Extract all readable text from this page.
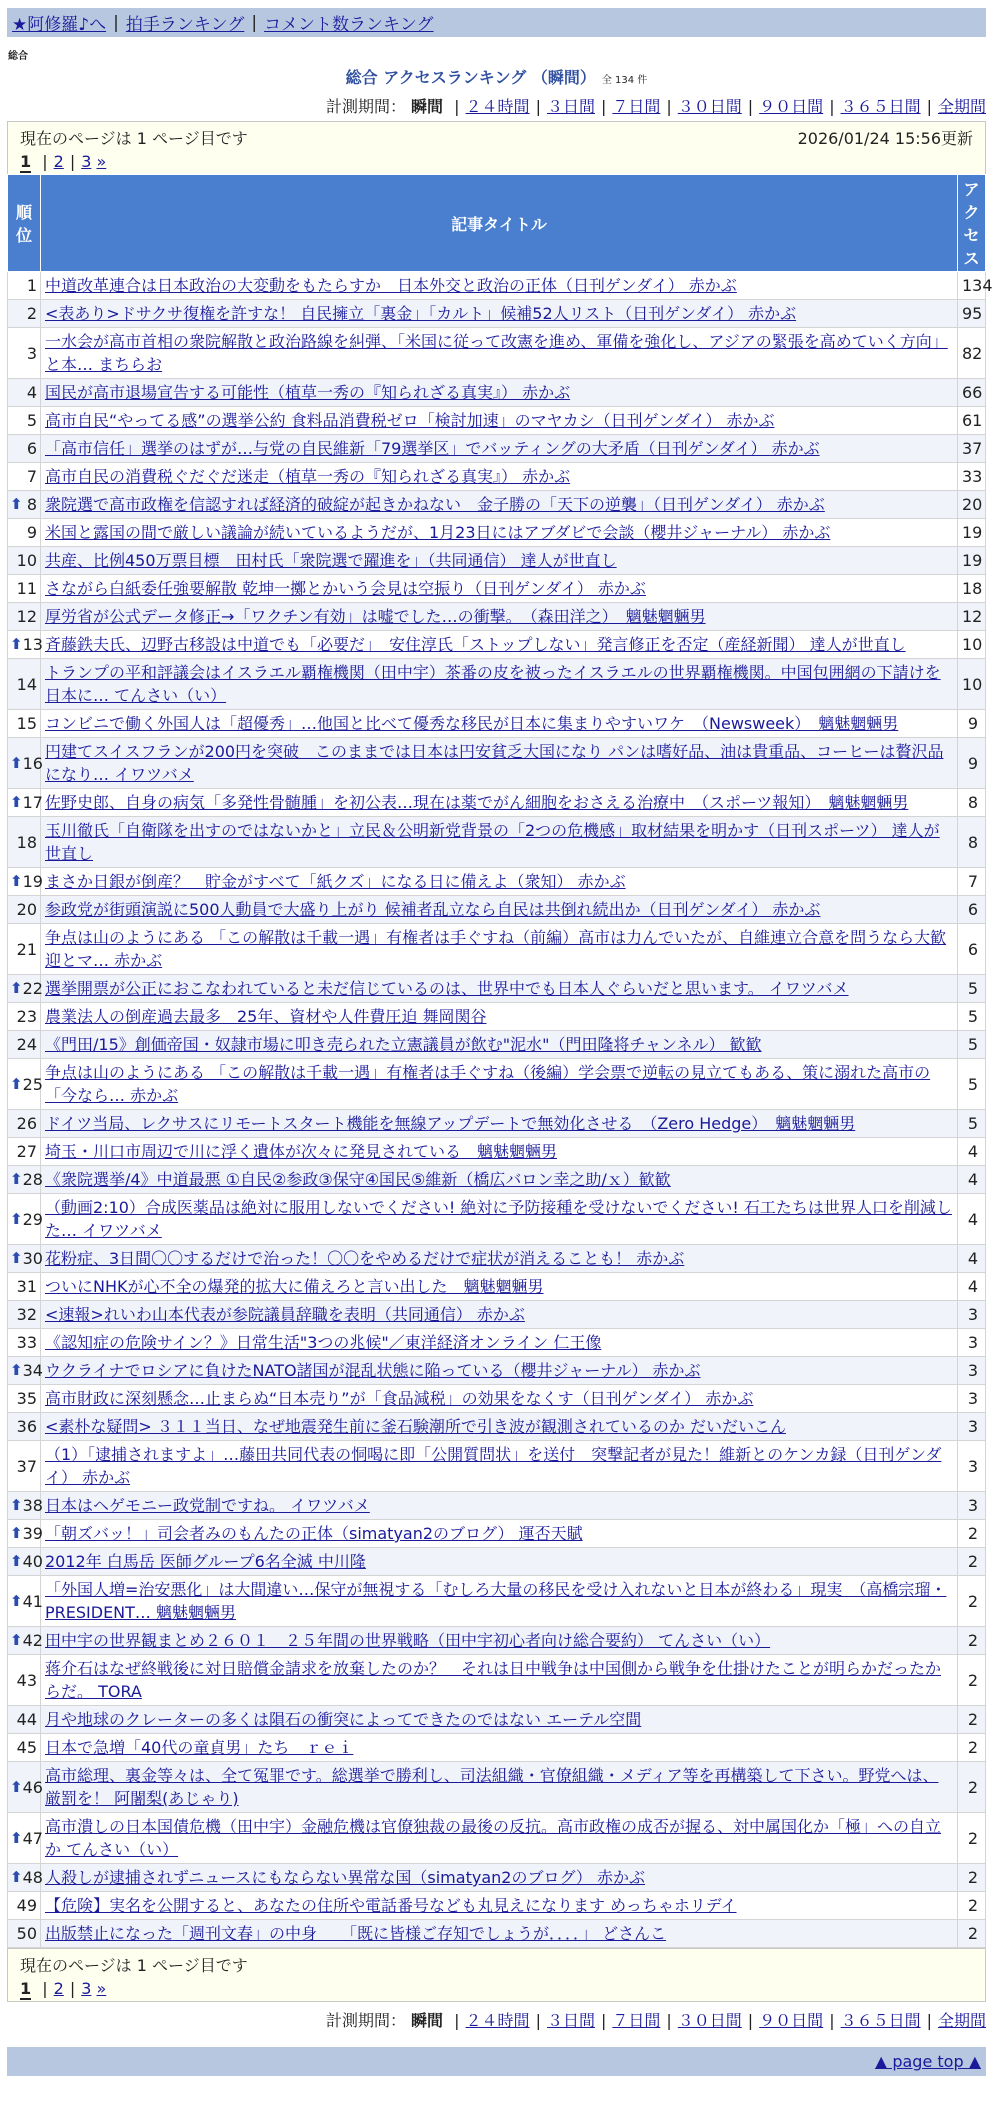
★阿修羅♪へ | 拍手ランキング | コメント数ランキング
総合
総合 アクセスランキング （瞬間） 全 134 件
計測期間： 瞬間 | ２４時間 | ３日間 | ７日間 | ３０日間 | ９０日間 | ３６５日間 | 全期間
現在のページは 1 ページ目です	2026/01/24 15:56更新
1 | 2 | 3 »
順位	記事タイトル	アクセス
1	中道改革連合は日本政治の大変動をもたらすか　日本外交と政治の正体（日刊ゲンダイ） 赤かぶ	134
2	<表あり>ドサクサ復権を許すな！ 自民擁立「裏金」「カルト」候補52人リスト（日刊ゲンダイ） 赤かぶ	95
3	一水会が高市首相の衆院解散と政治路線を糾弾、「米国に従って改憲を進め、軍備を強化し、アジアの緊張を高めていく方向」と本… まちらお	82
4	国民が高市退場宣告する可能性（植草一秀の『知られざる真実』） 赤かぶ	66
5	高市自民“やってる感”の選挙公約 食料品消費税ゼロ「検討加速」のマヤカシ（日刊ゲンダイ） 赤かぶ	61
6	「高市信任」選挙のはずが…与党の自民維新「79選挙区」でバッティングの大矛盾（日刊ゲンダイ） 赤かぶ	37
7	高市自民の消費税ぐだぐだ迷走（植草一秀の『知られざる真実』） 赤かぶ	33

⬆ 8	衆院選で高市政権を信認すれば経済的破綻が起きかねない　金子勝の「天下の逆襲」（日刊ゲンダイ） 赤かぶ	20
9	米国と露国の間で厳しい議論が続いているようだが、1月23日にはアブダビで会談（櫻井ジャーナル） 赤かぶ	19
10	共産、比例450万票目標　田村氏「衆院選で躍進を」（共同通信） 達人が世直し	19
11	さながら白紙委任強要解散 乾坤一擲とかいう会見は空振り（日刊ゲンダイ） 赤かぶ	18
12	厚労省が公式データ修正→「ワクチン有効」は嘘でした…の衝撃。　（森田洋之）　魑魅魍魎男	12

⬆ 13	斉藤鉄夫氏、辺野古移設は中道でも「必要だ」　安住淳氏「ストップしない」発言修正を否定（産経新聞） 達人が世直し	10
14	トランプの平和評議会はイスラエル覇権機関（田中宇）茶番の皮を被ったイスラエルの世界覇権機関。中国包囲網の下請けを日本に… てんさい（い）	10
15	コンビニで働く外国人は「超優秀」…他国と比べて優秀な移民が日本に集まりやすいワケ　（Newsweek）　魑魅魍魎男	9

⬆ 16	円建てスイスフランが200円を突破　このままでは日本は円安貧乏大国になり パンは嗜好品、油は貴重品、コーヒーは贅沢品になり… イワツバメ	9

⬆ 17	佐野史郎、自身の病気「多発性骨髄腫」を初公表…現在は薬でがん細胞をおさえる治療中　（スポーツ報知）　魑魅魍魎男	8
18	玉川徹氏「自衛隊を出すのではないかと」立民＆公明新党背景の「2つの危機感」取材結果を明かす（日刊スポーツ） 達人が世直し	8

⬆ 19	まさか日銀が倒産？　貯金がすべて「紙クズ」になる日に備えよ（衆知） 赤かぶ	7
20	参政党が街頭演説に500人動員で大盛り上がり 候補者乱立なら自民は共倒れ続出か（日刊ゲンダイ） 赤かぶ	6
21	争点は山のようにある 「この解散は千載一遇」有権者は手ぐすね（前編）高市は力んでいたが、自維連立合意を問うなら大歓迎とマ… 赤かぶ	6

⬆ 22	選挙開票が公正におこなわれていると未だ信じているのは、世界中でも日本人ぐらいだと思います。 イワツバメ	5
23	農業法人の倒産過去最多　25年、資材や人件費圧迫 舞岡関谷	5
24	《門田/15》創価帝国・奴隷市場に叩き売られた立憲議員が飲む"泥水"（門田隆将チャンネル） 歓歓	5

⬆ 25	争点は山のようにある 「この解散は千載一遇」有権者は手ぐすね（後編）学会票で逆転の見立てもある、策に溺れた高市の「今なら… 赤かぶ	5
26	ドイツ当局、レクサスにリモートスタート機能を無線アップデートで無効化させる　（Zero Hedge）　魑魅魍魎男	5
27	埼玉・川口市周辺で川に浮く遺体が次々に発見されている　魑魅魍魎男	4

⬆ 28	《衆院選挙/4》中道最悪 ①自民②参政③保守④国民⑤維新（橋広バロン幸之助/ｘ）歓歓	4

⬆ 29	（動画2:10）合成医薬品は絶対に服用しないでください! 絶対に予防接種を受けないでください! 石工たちは世界人口を削減した… イワツバメ	4

⬆ 30	花粉症、3日間〇〇するだけで治った！〇〇をやめるだけで症状が消えることも！ 赤かぶ	4
31	ついにNHKが心不全の爆発的拡大に備えろと言い出した　魑魅魍魎男	4
32	<速報>れいわ山本代表が参院議員辞職を表明（共同通信） 赤かぶ	3
33	《認知症の危険サイン？》日常生活"3つの兆候"／東洋経済オンライン 仁王像	3

⬆ 34	ウクライナでロシアに負けたNATO諸国が混乱状態に陥っている（櫻井ジャーナル） 赤かぶ	3
35	高市財政に深刻懸念…止まらぬ“日本売り”が「食品減税」の効果をなくす（日刊ゲンダイ） 赤かぶ	3
36	<素朴な疑問> ３１１当日、なぜ地震発生前に釜石験潮所で引き波が観測されているのか だいだいこん	3
37	（1）「逮捕されますよ」…藤田共同代表の恫喝に即「公開質問状」を送付　突撃記者が見た！維新とのケンカ録（日刊ゲンダイ） 赤かぶ	3

⬆ 38	日本はヘゲモニー政党制ですね。 イワツバメ	3

⬆ 39	「朝ズバッ！」司会者みのもんたの正体（simatyan2のブログ） 運否天賦	2

⬆ 40	2012年 白馬岳 医師グループ6名全滅 中川隆	2

⬆ 41	「外国人増=治安悪化」は大間違い…保守が無視する「むしろ大量の移民を受け入れないと日本が終わる」現実　（高橋宗瑠・PRESIDENT… 魑魅魍魎男	2

⬆ 42	田中宇の世界観まとめ２６０１　２５年間の世界戦略（田中宇初心者向け総合要約） てんさい（い）	2
43	蒋介石はなぜ終戦後に対日賠償金請求を放棄したのか？　それは日中戦争は中国側から戦争を仕掛けたことが明らかだったからだ。 TORA	2
44	月や地球のクレーターの多くは隕石の衝突によってできたのではない エーテル空間	2
45	日本で急増「40代の童貞男」たち　ｒｅｉ	2

⬆ 46	高市総理、裏金等々は、全て冤罪です。総選挙で勝利し、司法組織・官僚組織・メディア等を再構築して下さい。野党へは、厳罰を！ 阿闍梨(あじゃり)	2

⬆ 47	高市潰しの日本国債危機（田中宇）金融危機は官僚独裁の最後の反抗。高市政権の成否が握る、対中属国化か「極」への自立か てんさい（い）	2

⬆ 48	人殺しが逮捕されずニュースにもならない異常な国（simatyan2のブログ） 赤かぶ	2
49	【危険】実名を公開すると、あなたの住所や電話番号なども丸見えになります めっちゃホリデイ	2
50	出版禁止になった「週刊文春」の中身　　「既に皆様ご存知でしょうが．．．．」 どさんこ	2
現在のページは 1 ページ目です
1 | 2 | 3 »
計測期間： 瞬間 | ２４時間 | ３日間 | ７日間 | ３０日間 | ９０日間 | ３６５日間 | 全期間
▲ page top ▲
